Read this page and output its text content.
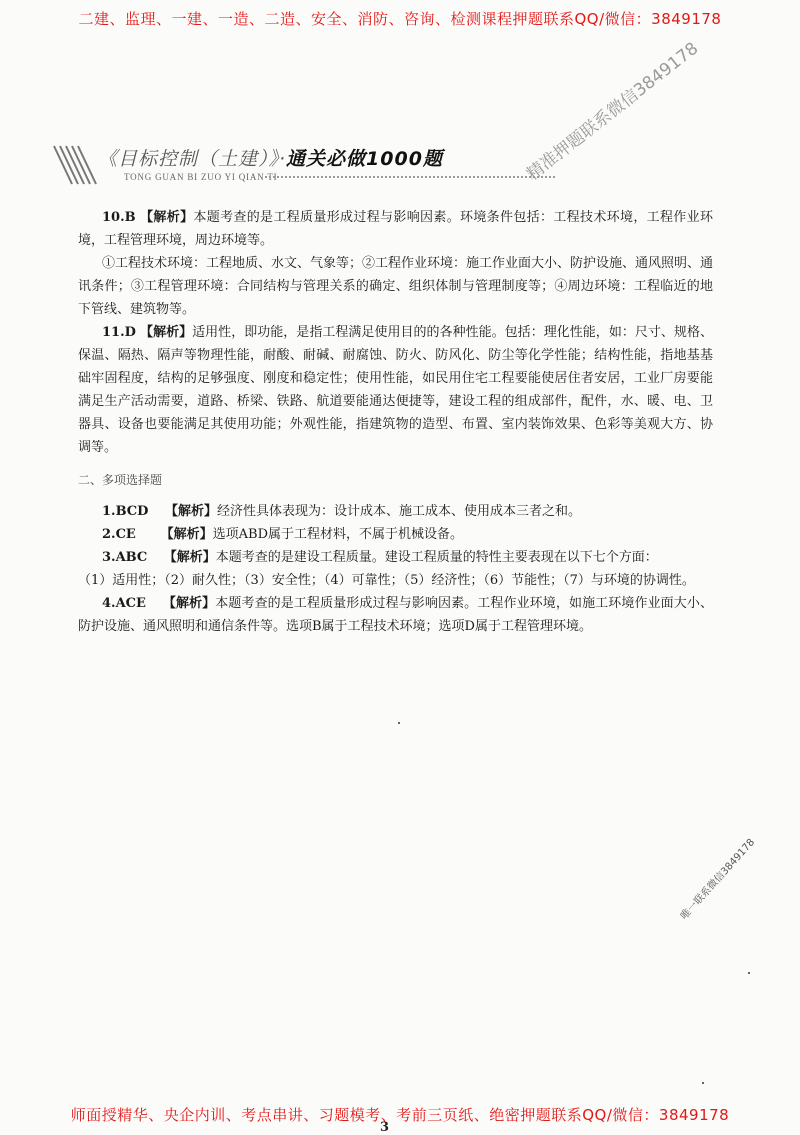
二建、监理、一建、一造、二造、安全、消防、咨询、检测课程押题联系QQ/微信：3849178
《目标控制（土建）》·通关必做1000题
TONG GUAN BI ZUO YI QIAN TI	精准押题联系微信3849178
唯一联系微信3849178

10.B 【解析】本题考查的是工程质量形成过程与影响因素。环境条件包括：工程技术环境，工程作业环境，工程管理环境，周边环境等。

①工程技术环境：工程地质、水文、气象等；②工程作业环境：施工作业面大小、防护设施、通风照明、通讯条件；③工程管理环境：合同结构与管理关系的确定、组织体制与管理制度等；④周边环境：工程临近的地下管线、建筑物等。

11.D 【解析】适用性，即功能，是指工程满足使用目的的各种性能。包括：理化性能，如：尺寸、规格、保温、隔热、隔声等物理性能，耐酸、耐碱、耐腐蚀、防火、防风化、防尘等化学性能；结构性能，指地基基础牢固程度，结构的足够强度、刚度和稳定性；使用性能，如民用住宅工程要能使居住者安居，工业厂房要能满足生产活动需要，道路、桥梁、铁路、航道要能通达便捷等，建设工程的组成部件，配件，水、暖、电、卫器具、设备也要能满足其使用功能；外观性能，指建筑物的造型、布置、室内装饰效果、色彩等美观大方、协调等。

二、多项选择题

1.BCD 【解析】经济性具体表现为：设计成本、施工成本、使用成本三者之和。

2.CE 【解析】选项ABD属于工程材料，不属于机械设备。

3.ABC 【解析】本题考查的是建设工程质量。建设工程质量的特性主要表现在以下七个方面：

（1）适用性；（2）耐久性；（3）安全性；（4）可靠性；（5）经济性；（6）节能性；（7）与环境的协调性。

4.ACE 【解析】本题考查的是工程质量形成过程与影响因素。工程作业环境，如施工环境作业面大小、防护设施、通风照明和通信条件等。选项B属于工程技术环境；选项D属于工程管理环境。

师面授精华、央企内训、考点串讲、习题模考、考前三页纸、绝密押题联系QQ/微信：3849178
3
